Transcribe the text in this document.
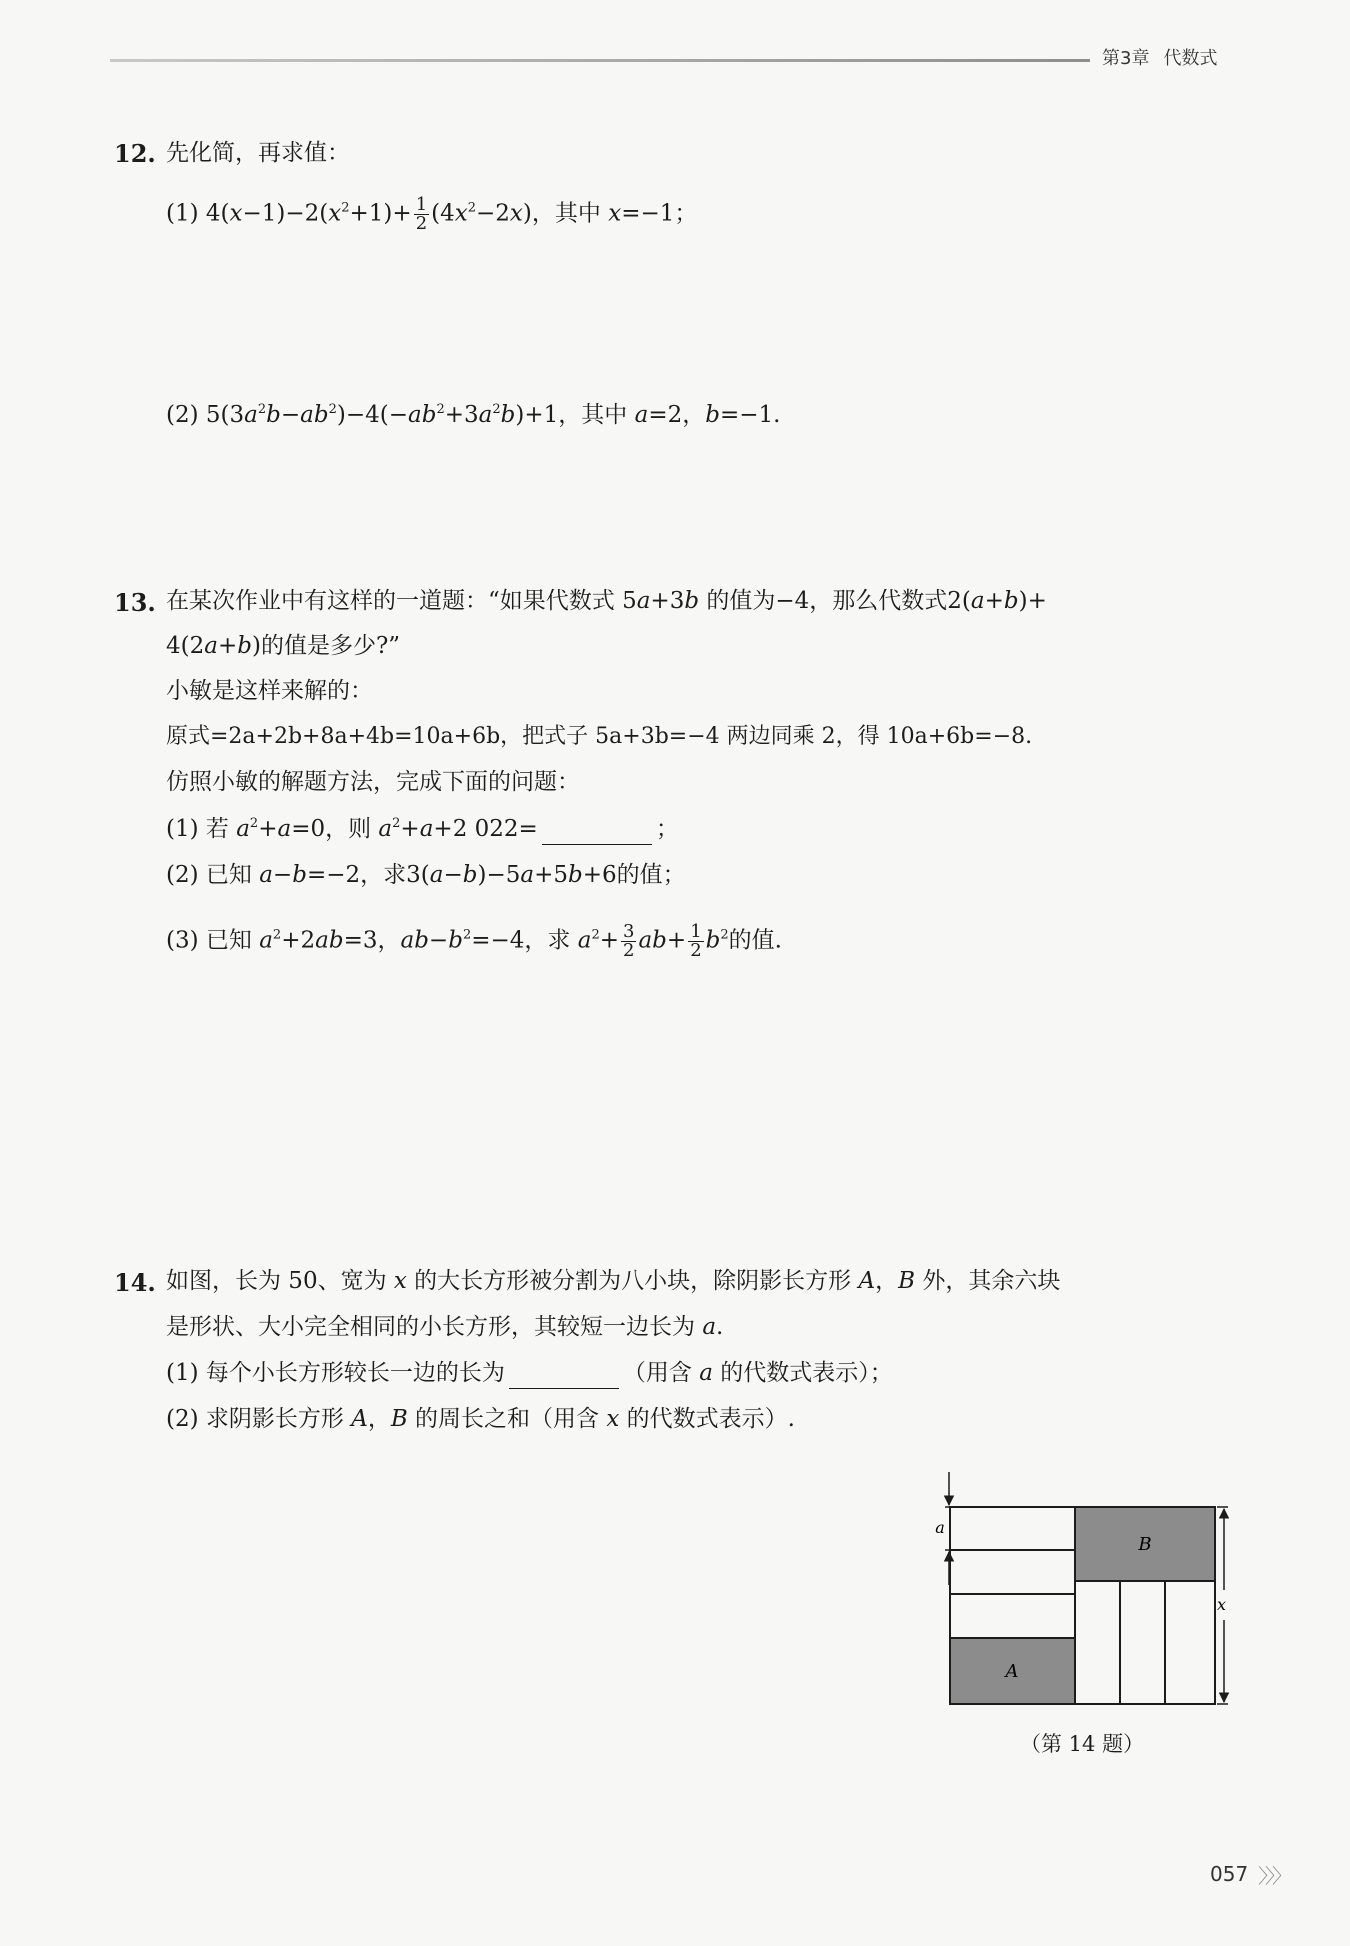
第3章 代数式
12. 先化简，再求值：
(1) $4(x-1)-2(x^2+1)+ \frac{1}{2} (4x^2-2x)$，其中 x=−1；
(2) $5(3a^2b-ab^2)-4(-ab^2+3a^2b)+1$，其中 a=2，b=−1.
13. 在某次作业中有这样的一道题：“如果代数式 5a+3b 的值为−4，那么代数式2(a+b)+
4(2a+b)的值是多少?”
小敏是这样来解的：
原式=2a+2b+8a+4b=10a+6b，把式子 5a+3b=−4 两边同乘 2，得 10a+6b=−8.
仿照小敏的解题方法，完成下面的问题：
(1) 若 $a^2+a=0$，则 $a^2+a+2$ 022=	；
(2) 已知 a−b=−2，求3(a−b)−5a+5b+6的值；
(3) 已知 $a^2+2ab=3$，$ab-b^2=-4$，求 $a^2+ \frac{3}{2} ab+ \frac{1}{2} b^2$的值.
14. 如图，长为 50、宽为 x 的大长方形被分割为八小块，除阴影长方形 A，B 外，其余六块
是形状、大小完全相同的小长方形，其较短一边长为 a.
(1) 每个小长方形较长一边的长为	（用含 a 的代数式表示）；
(2) 求阴影长方形 A，B 的周长之和（用含 x 的代数式表示）.
B
A
a
x
（第 14 题）
057 〉〉〉
